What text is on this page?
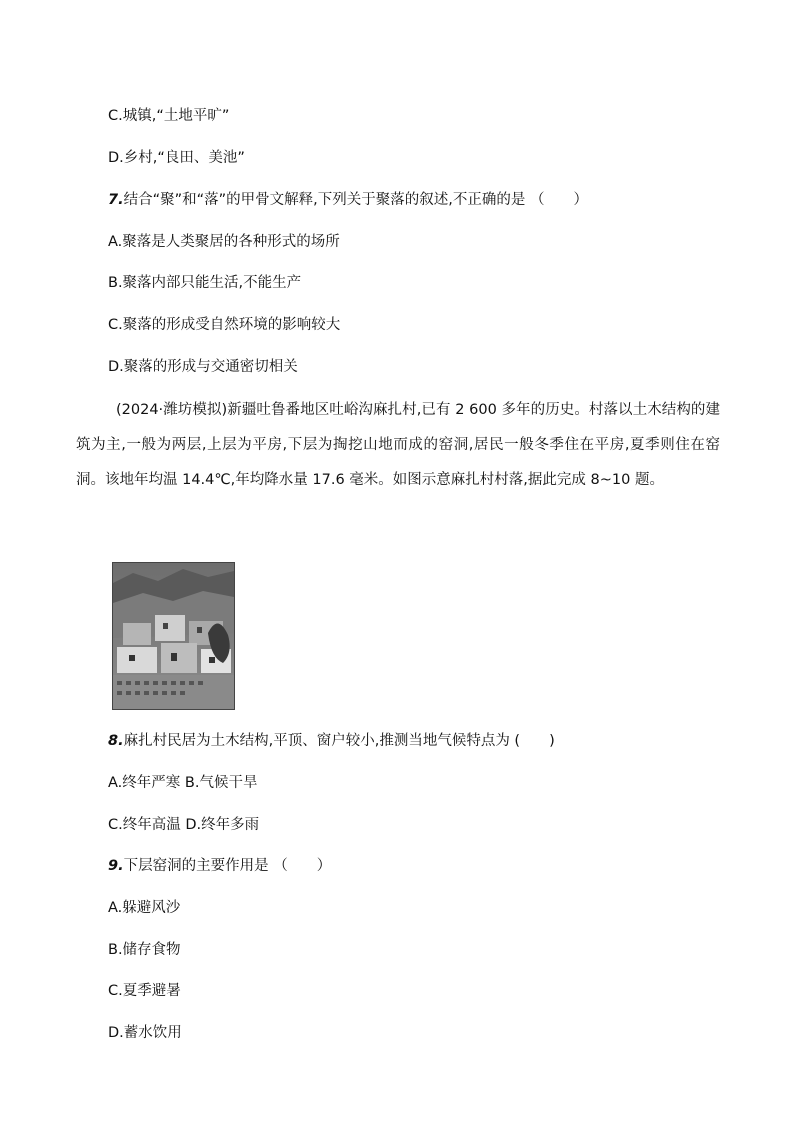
C.城镇,“土地平旷”
D.乡村,“良田、美池”
7.结合“聚”和“落”的甲骨文解释,下列关于聚落的叙述,不正确的是 （　　）
A.聚落是人类聚居的各种形式的场所
B.聚落内部只能生活,不能生产
C.聚落的形成受自然环境的影响较大
D.聚落的形成与交通密切相关
(2024·潍坊模拟)新疆吐鲁番地区吐峪沟麻扎村,已有 2 600 多年的历史。村落以土木结构的建筑为主,一般为两层,上层为平房,下层为掏挖山地而成的窑洞,居民一般冬季住在平房,夏季则住在窑洞。该地年均温 14.4℃,年均降水量 17.6 毫米。如图示意麻扎村村落,据此完成 8~10 题。
8.麻扎村民居为土木结构,平顶、窗户较小,推测当地气候特点为 (　　)
A.终年严寒 B.气候干旱
C.终年高温 D.终年多雨
9.下层窑洞的主要作用是 （　　）
A.躲避风沙
B.储存食物
C.夏季避暑
D.蓄水饮用
